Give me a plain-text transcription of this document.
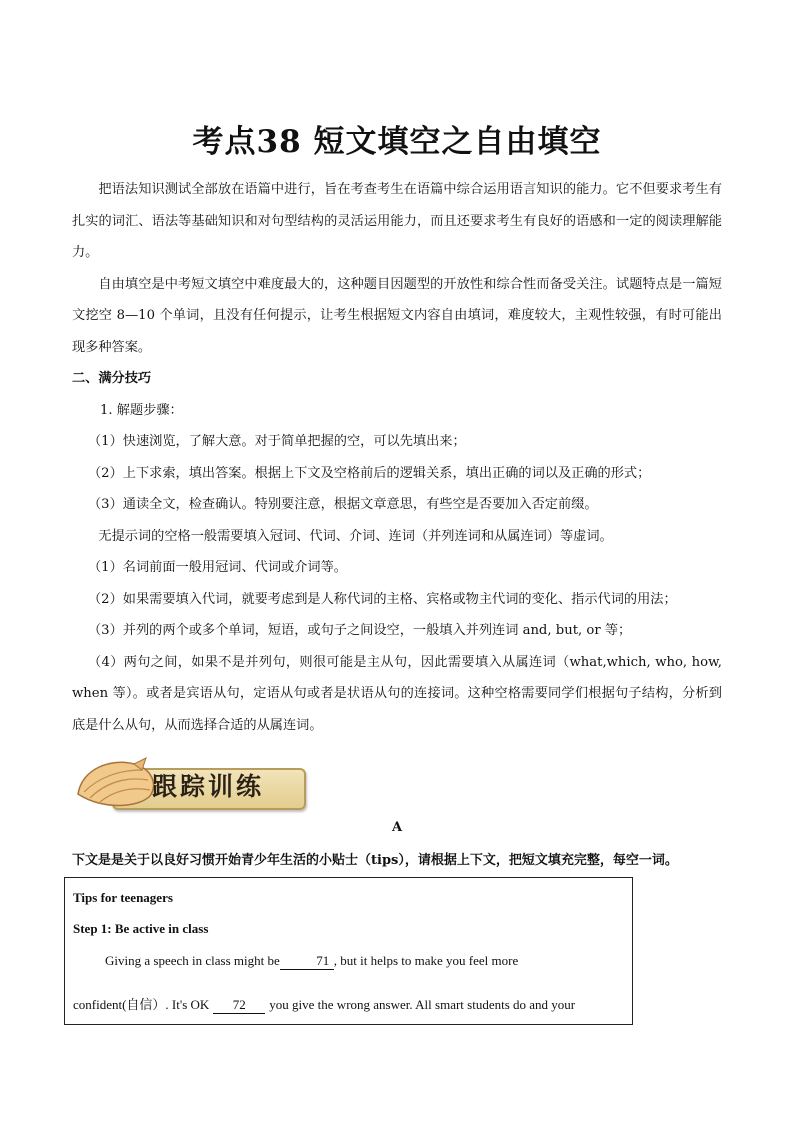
考点38 短文填空之自由填空

把语法知识测试全部放在语篇中进行，旨在考查考生在语篇中综合运用语言知识的能力。它不但要求考生有扎实的词汇、语法等基础知识和对句型结构的灵活运用能力，而且还要求考生有良好的语感和一定的阅读理解能力。

自由填空是中考短文填空中难度最大的，这种题目因题型的开放性和综合性而备受关注。试题特点是一篇短文挖空 8—10 个单词，且没有任何提示，让考生根据短文内容自由填词，难度较大，主观性较强，有时可能出现多种答案。

二、满分技巧

1. 解题步骤：

（1）快速浏览，了解大意。对于简单把握的空，可以先填出来；

（2）上下求索，填出答案。根据上下文及空格前后的逻辑关系，填出正确的词以及正确的形式；

（3）通读全文，检查确认。特别要注意，根据文章意思，有些空是否要加入否定前缀。

无提示词的空格一般需要填入冠词、代词、介词、连词（并列连词和从属连词）等虚词。

（1）名词前面一般用冠词、代词或介词等。

（2）如果需要填入代词，就要考虑到是人称代词的主格、宾格或物主代词的变化、指示代词的用法；

（3）并列的两个或多个单词，短语，或句子之间设空，一般填入并列连词 and, but, or 等；

（4）两句之间，如果不是并列句，则很可能是主从句，因此需要填入从属连词（what,which, who, how, when 等）。或者是宾语从句，定语从句或者是状语从句的连接词。这种空格需要同学们根据句子结构，分析到底是什么从句，从而选择合适的从属连词。

跟踪训练
A
下文是是关于以良好习惯开始青少年生活的小贴士（tips），请根据上下文，把短文填充完整，每空一词。
Tips for teenagers
Step 1: Be active in class
Giving a speech in class might be	71 , but it helps to make you feel more
confident(自信）. It's OK 72 you give the wrong answer. All smart students do and your
